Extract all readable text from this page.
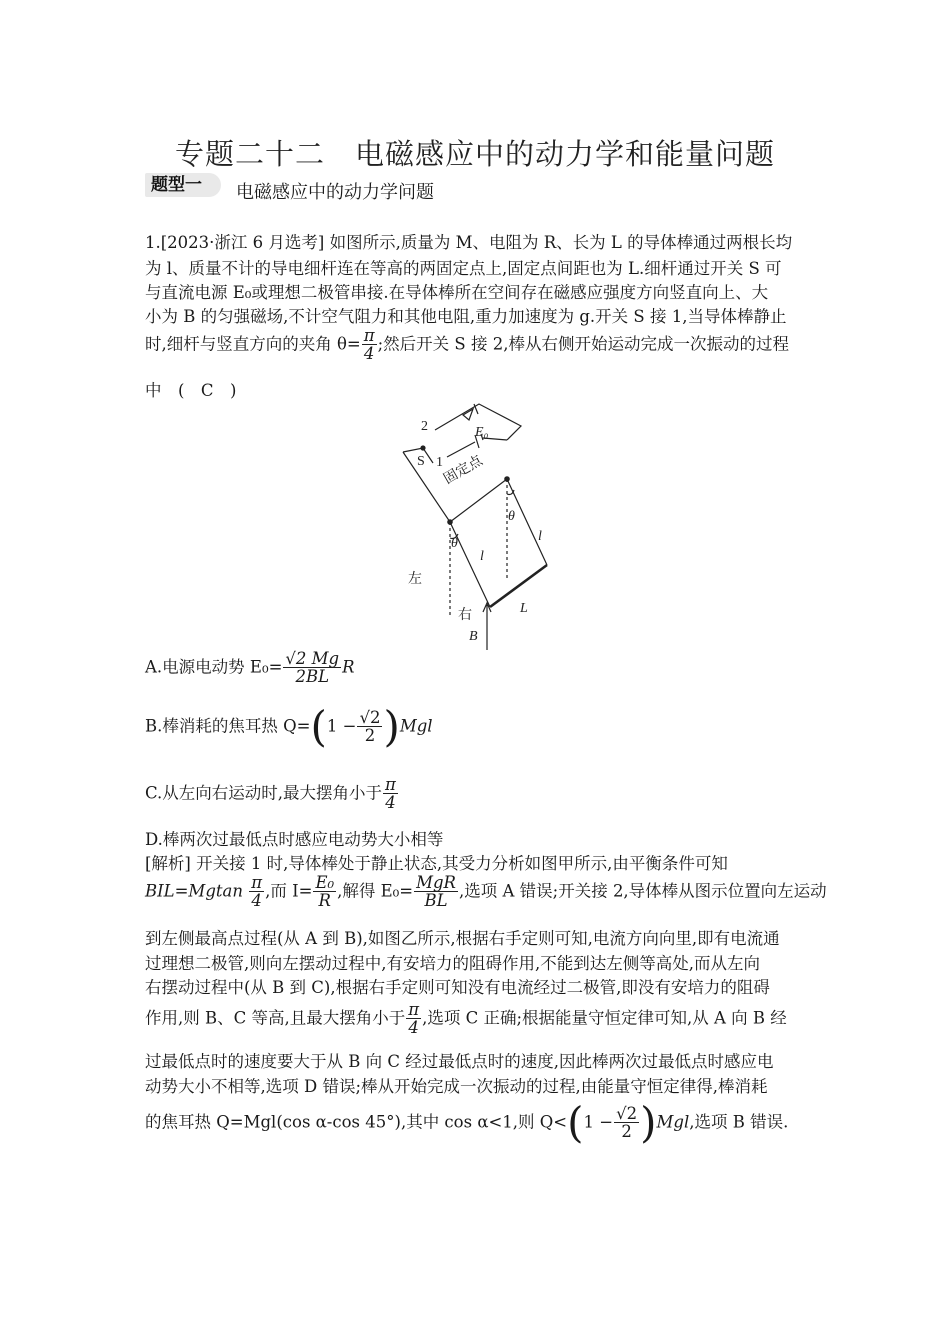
专题二十二　电磁感应中的动力学和能量问题
题型一	电磁感应中的动力学问题
1.[2023·浙江 6 月选考] 如图所示,质量为 M、电阻为 R、长为 L 的导体棒通过两根长均
为 l、质量不计的导电细杆连在等高的两固定点上,固定点间距也为 L.细杆通过开关 S 可
与直流电源 E₀或理想二极管串接.在导体棒所在空间存在磁感应强度方向竖直向上、大
小为 B 的匀强磁场,不计空气阻力和其他电阻,重力加速度为 g.开关 S 接 1,当导体棒静止
时,细杆与竖直方向的夹角 $\theta= \frac{\pi}{4}$ ;然后开关 S 接 2,棒从右侧开始运动完成一次振动的过程
中　(　C　)
2
1
S
E₀
固定点
θ
θ
l
l
L
左
右
B
A.电源电动势 $E_0= \frac{√2 Mg}{2BL}$ R
B.棒消耗的焦耳热 $Q=(1 - \frac{√2}{2} )Mgl$
C.从左向右运动时,最大摆角小于 $\frac{\pi}{4}$
D.棒两次过最低点时感应电动势大小相等
[解析] 开关接 1 时,导体棒处于静止状态,其受力分析如图甲所示,由平衡条件可知
$BIL=Mgtan \frac{\pi}{4}$ ,而 $I= \frac{\text{E₀}}{R}$ ,解得 $E_0= \frac{\text{MgR}}{BL}$ ,选项 A 错误;开关接 2,导体棒从图示位置向左运动
到左侧最高点过程(从 A 到 B),如图乙所示,根据右手定则可知,电流方向向里,即有电流通
过理想二极管,则向左摆动过程中,有安培力的阻碍作用,不能到达左侧等高处,而从左向
右摆动过程中(从 B 到 C),根据右手定则可知没有电流经过二极管,即没有安培力的阻碍
作用,则 B、C 等高,且最大摆角小于 $\frac{\pi}{4}$ ,选项 C 正确;根据能量守恒定律可知,从 A 向 B 经
过最低点时的速度要大于从 B 向 C 经过最低点时的速度,因此棒两次过最低点时感应电
动势大小不相等,选项 D 错误;棒从开始完成一次振动的过程,由能量守恒定律得,棒消耗
的焦耳热 Q=Mgl(cos α-cos 45°),其中 cos α<1,则 $Q<(1 - \frac{√2}{2} )Mgl$,选项 B 错误.
